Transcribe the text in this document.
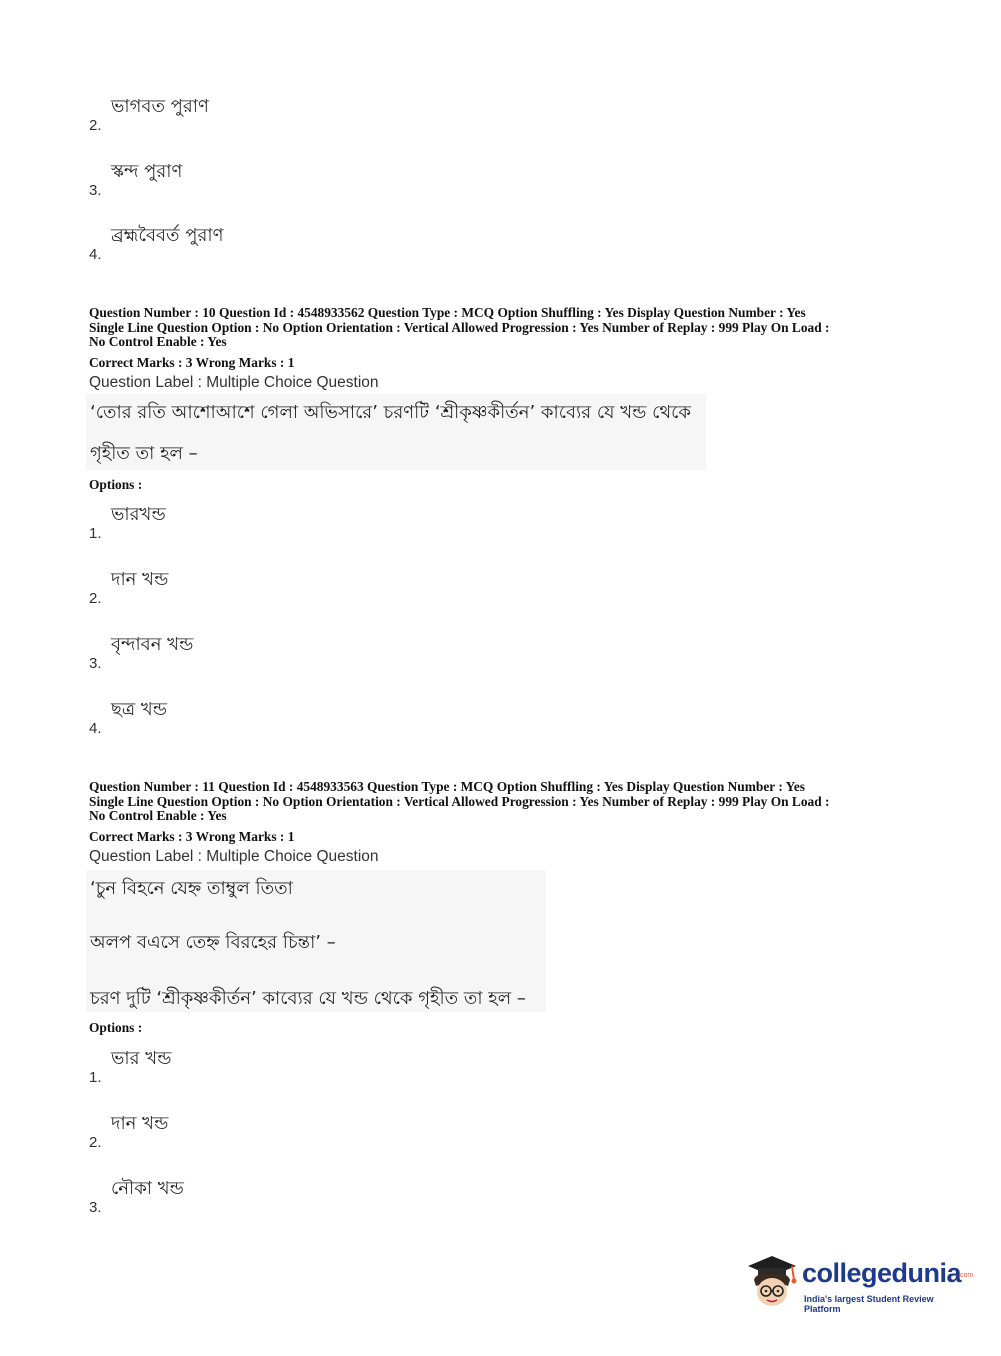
2.
ভাগবত পুরাণ
3.
স্কন্দ পুরাণ
4.
ব্রহ্মবৈবর্ত পুরাণ
Question Number : 10 Question Id : 4548933562 Question Type : MCQ Option Shuffling : Yes Display Question Number : Yes
Single Line Question Option : No Option Orientation : Vertical Allowed Progression : Yes Number of Replay : 999 Play On Load :
No Control Enable : Yes
Correct Marks : 3 Wrong Marks : 1
Question Label : Multiple Choice Question
‘তোর রতি আশোআশে গেলা অভিসারে’ চরণটি ‘শ্রীকৃষ্ণকীর্তন’ কাব্যের যে খন্ড থেকে
গৃহীত তা হল –
Options :
1.
ভারখন্ড
2.
দান খন্ড
3.
বৃন্দাবন খন্ড
4.
ছত্র খন্ড
Question Number : 11 Question Id : 4548933563 Question Type : MCQ Option Shuffling : Yes Display Question Number : Yes
Single Line Question Option : No Option Orientation : Vertical Allowed Progression : Yes Number of Replay : 999 Play On Load :
No Control Enable : Yes
Correct Marks : 3 Wrong Marks : 1
Question Label : Multiple Choice Question
‘চুন বিহনে যেহ্ন তাম্বুল তিতা
অলপ বএসে তেহ্ন বিরহের চিন্তা’ –
চরণ দুটি ‘শ্রীকৃষ্ণকীর্তন’ কাব্যের যে খন্ড থেকে গৃহীত তা হল –
Options :
1.
ভার খন্ড
2.
দান খন্ড
3.
নৌকা খন্ড
collegedunia
.com
India's largest Student Review Platform
